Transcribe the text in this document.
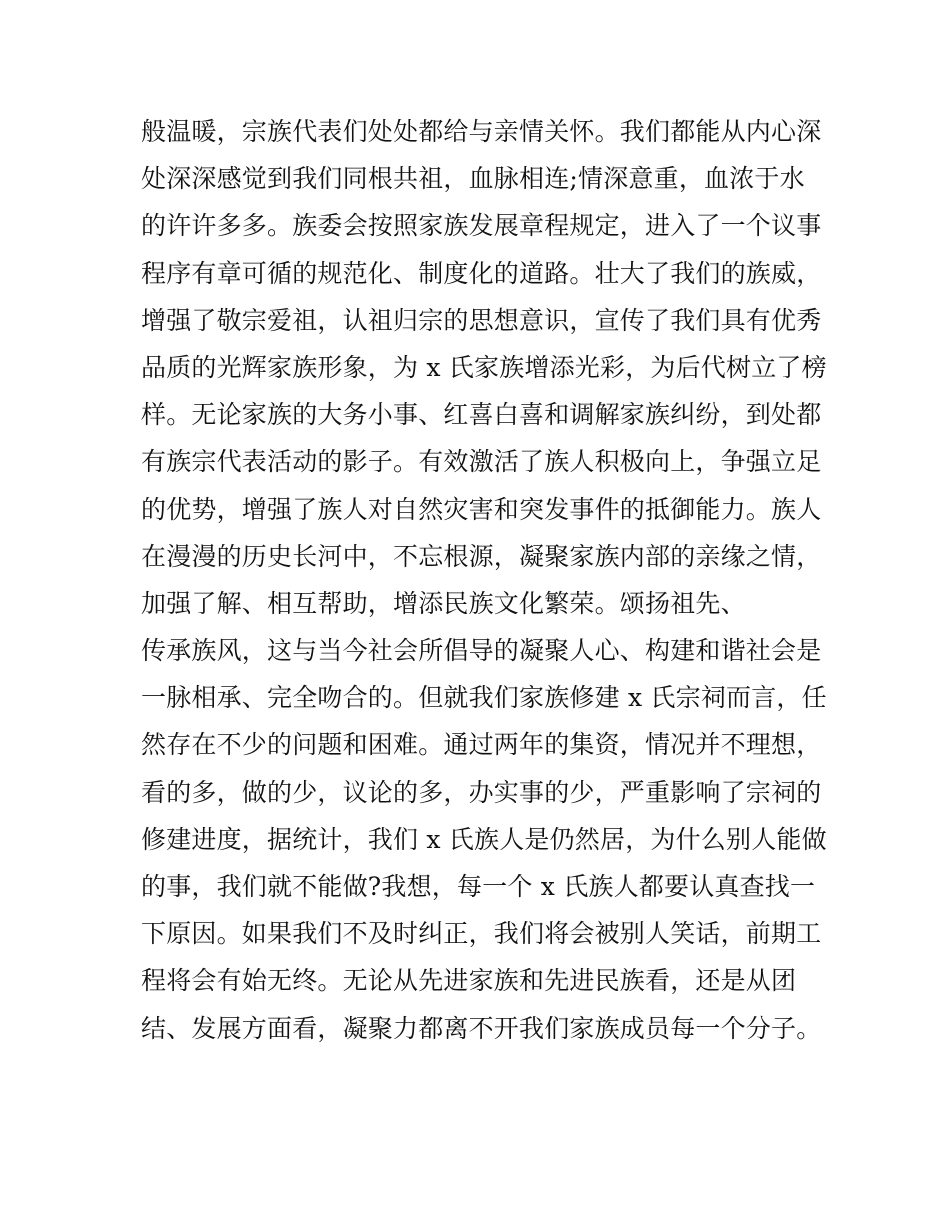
般温暖，宗族代表们处处都给与亲情关怀。我们都能从内心深
处深深感觉到我们同根共祖，血脉相连;情深意重，血浓于水
的许许多多。族委会按照家族发展章程规定，进入了一个议事
程序有章可循的规范化、制度化的道路。壮大了我们的族威，
增强了敬宗爱祖，认祖归宗的思想意识，宣传了我们具有优秀
品质的光辉家族形象，为 x 氏家族增添光彩，为后代树立了榜
样。无论家族的大务小事、红喜白喜和调解家族纠纷，到处都
有族宗代表活动的影子。有效激活了族人积极向上，争强立足
的优势，增强了族人对自然灾害和突发事件的抵御能力。族人
在漫漫的历史长河中，不忘根源，凝聚家族内部的亲缘之情，
加强了解、相互帮助，增添民族文化繁荣。颂扬祖先、
传承族风，这与当今社会所倡导的凝聚人心、构建和谐社会是
一脉相承、完全吻合的。但就我们家族修建 x 氏宗祠而言，任
然存在不少的问题和困难。通过两年的集资，情况并不理想，
看的多，做的少，议论的多，办实事的少，严重影响了宗祠的
修建进度，据统计，我们 x 氏族人是仍然居，为什么别人能做
的事，我们就不能做?我想，每一个 x 氏族人都要认真查找一
下原因。如果我们不及时纠正，我们将会被别人笑话，前期工
程将会有始无终。无论从先进家族和先进民族看，还是从团
结、发展方面看，凝聚力都离不开我们家族成员每一个分子。
